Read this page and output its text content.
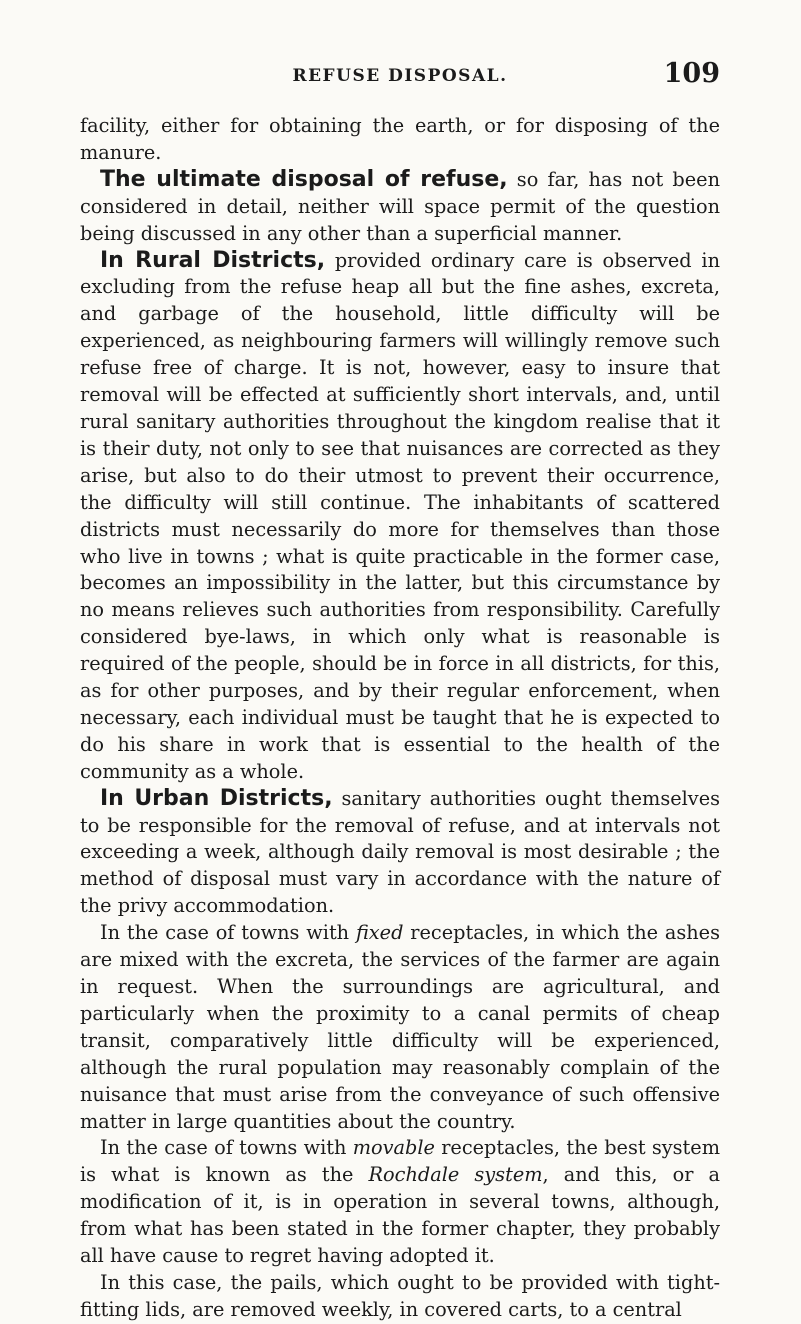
REFUSE DISPOSAL.	109

facility, either for obtaining the earth, or for disposing of the manure.

The ultimate disposal of refuse, so far, has not been considered in detail, neither will space permit of the question being discussed in any other than a superficial manner.

In Rural Districts, provided ordinary care is observed in excluding from the refuse heap all but the fine ashes, excreta, and garbage of the household, little difficulty will be experienced, as neighbouring farmers will willingly remove such refuse free of charge. It is not, however, easy to insure that removal will be effected at sufficiently short intervals, and, until rural sanitary authorities throughout the kingdom realise that it is their duty, not only to see that nuisances are corrected as they arise, but also to do their utmost to prevent their occurrence, the difficulty will still continue. The inhabitants of scattered districts must necessarily do more for themselves than those who live in towns ; what is quite practicable in the former case, becomes an impossibility in the latter, but this circumstance by no means relieves such authorities from responsibility. Carefully considered bye-laws, in which only what is reasonable is required of the people, should be in force in all districts, for this, as for other purposes, and by their regular enforcement, when necessary, each individual must be taught that he is expected to do his share in work that is essential to the health of the community as a whole.

In Urban Districts, sanitary authorities ought themselves to be responsible for the removal of refuse, and at intervals not exceeding a week, although daily removal is most desirable ; the method of disposal must vary in accordance with the nature of the privy accommodation.

In the case of towns with fixed receptacles, in which the ashes are mixed with the excreta, the services of the farmer are again in request. When the surroundings are agricultural, and particularly when the proximity to a canal permits of cheap transit, comparatively little difficulty will be experienced, although the rural population may reasonably complain of the nuisance that must arise from the conveyance of such offensive matter in large quantities about the country.

In the case of towns with movable receptacles, the best system is what is known as the Rochdale system, and this, or a modification of it, is in operation in several towns, although, from what has been stated in the former chapter, they probably all have cause to regret having adopted it.

In this case, the pails, which ought to be provided with tight-fitting lids, are removed weekly, in covered carts, to a central
